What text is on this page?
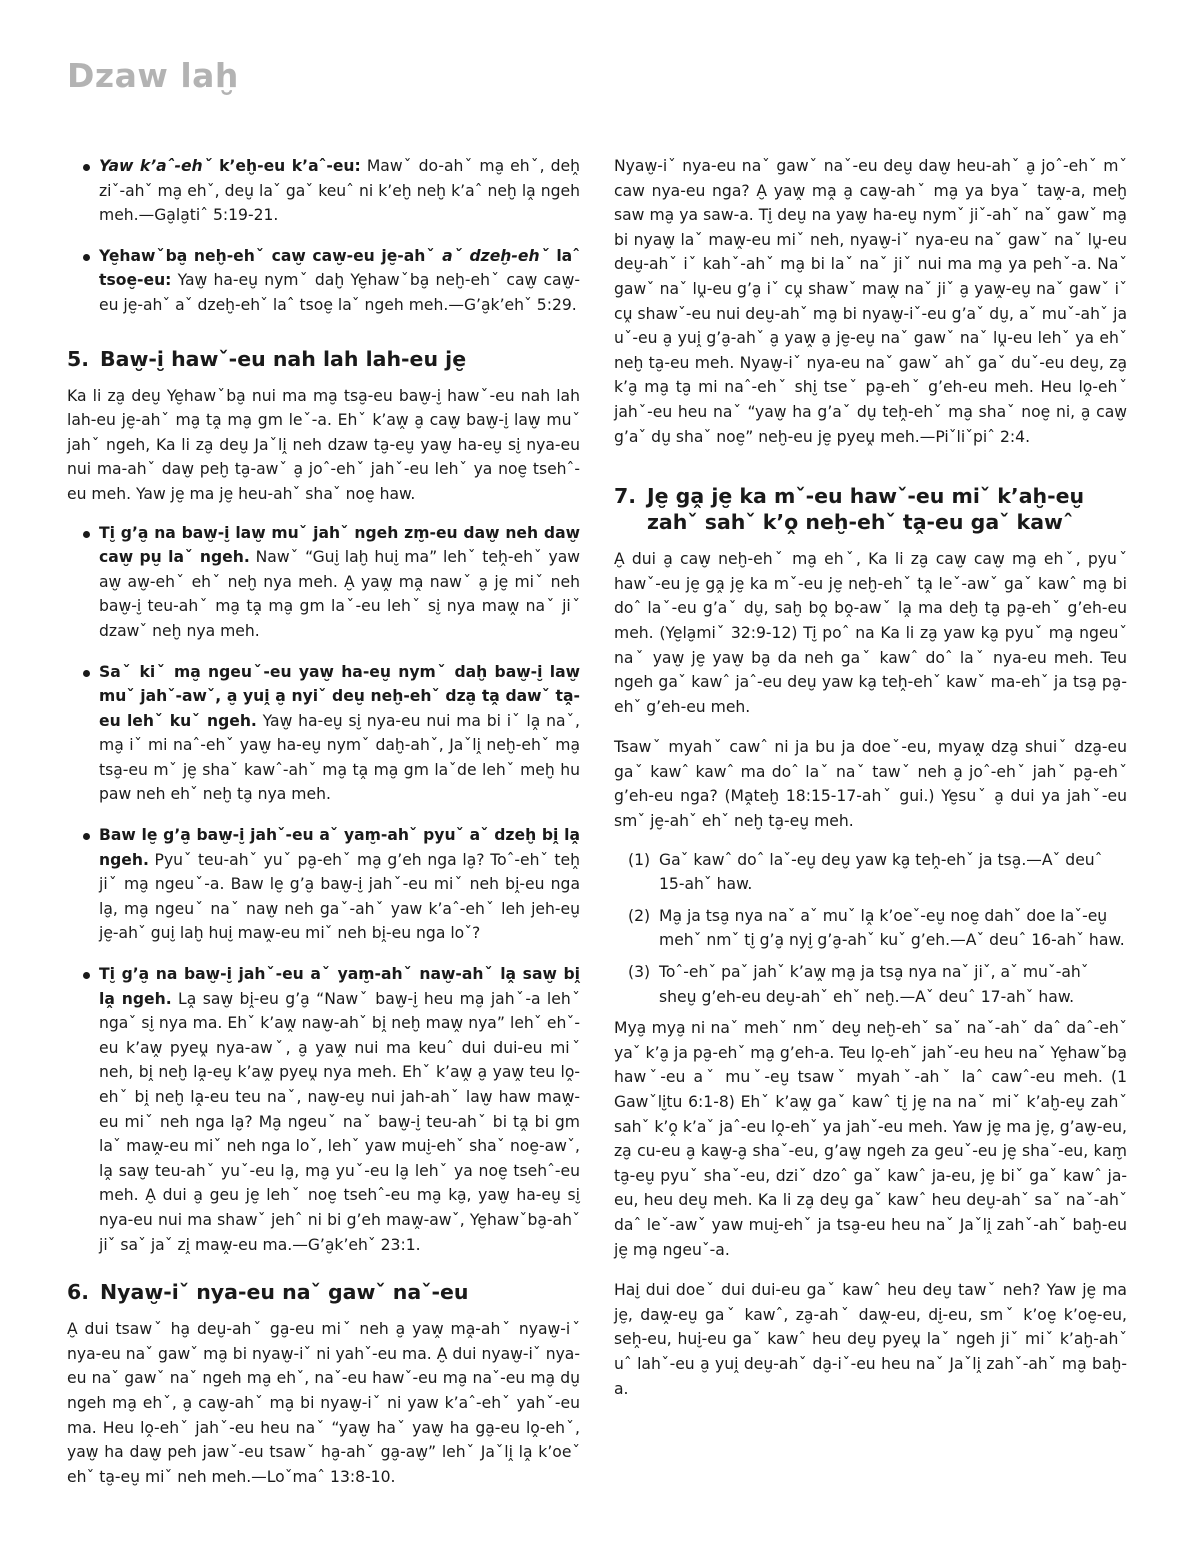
Dzaw laḫ
Yaw k’aˆ-ehˇ k’eḫ-eu k’aˆ-eu: Mawˇ do-ahˇ ma̮ ehˇ, deh̭ ziˇ-ahˇ ma̮ ehˇ, deu̮ laˇ gaˇ keuˆ ni k’eḫ neḫ k’aˆ neḫ la̭ ngeh meh.—Ga̮la̮tiˆ 5:19-21.
Ye̮hawˇba̮ neḫ-ehˇ caw̮ caw̮-eu je̮-ahˇ aˇ dzeḫ-ehˇ laˆ tsoe̮-eu: Yaw̮ ha-eu̮ nymˇ daḫ Ye̮hawˇba̮ neḫ-ehˇ caw̮ caw̮-eu je̮-ahˇ aˇ dzeḫ-ehˇ laˆ tsoe̮ laˇ ngeh meh.—G’a̮k’ehˇ 5:29.
5. Baw̮-i̮ hawˇ-eu nah lah lah-eu je̮

Ka li za̮ deu̮ Ye̮hawˇba̮ nui ma ma̮ tsa̮-eu baw̮-i̮ hawˇ-eu nah lah lah-eu je̮-ahˇ ma̮ ta̭ ma̮ gm leˇ-a. Ehˇ k’aw̭ a̮ caw̮ baw̮-i̮ law̮ muˇ jahˇ ngeh, Ka li za̮ deu̮ Jaˇli̭ neh dzaw ta̮-eu̮ yaw̮ ha-eu̮ si̮ nya-eu nui ma-ahˇ daw̮ peḫ ta̮-awˇ a̮ joˆ-ehˇ jahˇ-eu lehˇ ya noe̮ tsehˆ-eu meh. Yaw je̮ ma je̮ heu-ahˇ shaˇ noe̮ haw.

Ti̮ g’a̮ na baw̮-i̮ law̮ muˇ jahˇ ngeh zm̮-eu daw̮ neh daw̮ caw̮ pu̮ laˇ ngeh. Nawˇ “Gui̮ laḫ hui̮ ma” lehˇ teh̭-ehˇ yaw aw̮ aw̮-ehˇ ehˇ neḫ nya meh. A̮ yaw̭ ma̭ nawˇ a̮ je̮ miˇ neh baw̮-i̮ teu-ahˇ ma̮ ta̭ ma̮ gm laˇ-eu lehˇ si̮ nya maw̭ naˇ jiˇ dzawˇ neḫ nya meh.
Saˇ kiˇ ma̮ ngeuˇ-eu yaw̮ ha-eu̮ nymˇ daḫ baw̮-i̮ law̮ muˇ jahˇ-awˇ, a̮ yui̭ a̮ nyiˇ deu̮ neḫ-ehˇ dza̮ ta̭ dawˇ ta̭-eu lehˇ kuˇ ngeh. Yaw̮ ha-eu̮ si̮ nya-eu nui ma bi iˇ la̭ naˇ, ma̮ iˇ mi naˆ-ehˇ yaw̮ ha-eu̮ nymˇ daḫ-ahˇ, Jaˇli̭ neḫ-ehˇ ma̮ tsa̮-eu mˇ je̮ shaˇ kawˆ-ahˇ ma̮ ta̭ ma̮ gm laˇde lehˇ meḫ hu paw neh ehˇ neḫ ta̮ nya meh.
Baw le̮ g’a̮ baw̮-i̮ jahˇ-eu aˇ yam̮-ahˇ pyuˇ aˇ dzeḫ bi̭ la̭ ngeh. Pyuˇ teu-ahˇ yuˇ pa̮-ehˇ ma̮ g’eh nga la̮? Toˆ-ehˇ teh̭ jiˇ ma̮ ngeuˇ-a. Baw le̮ g’a̮ baw̮-i̮ jahˇ-eu miˇ neh bi̭-eu nga la̮, ma̮ ngeuˇ naˇ naw̮ neh gaˇ-ahˇ yaw k’aˆ-ehˇ leh jeh-eu̮ je̮-ahˇ gui̮ laḫ hui̮ maw̭-eu miˇ neh bi̭-eu nga loˇ?
Ti̮ g’a̮ na baw̮-i̮ jahˇ-eu aˇ yam̮-ahˇ naw̮-ahˇ la̭ saw̮ bi̭ la̭ ngeh. La̭ saw̮ bi̭-eu g’a̮ “Nawˇ baw̮-i̮ heu ma̮ jahˇ-a lehˇ ngaˇ si̮ nya ma. Ehˇ k’aw̭ naw̮-ahˇ bi̭ neḫ maw̭ nya” lehˇ ehˇ-eu k’aw̭ pyeṷ nya-awˇ, a̮ yaw̭ nui ma keuˆ dui dui-eu miˇ neh, bi̭ neḫ la̭-eu̮ k’aw̭ pyeṷ nya meh. Ehˇ k’aw̭ a̮ yaw̭ teu lo̭-ehˇ bi̭ neḫ la̭-eu teu naˇ, naw̮-eu̮ nui jah-ahˇ law̮ haw maw̭-eu miˇ neh nga la̮? Ma̮ ngeuˇ naˇ baw̮-i̮ teu-ahˇ bi ta̭ bi gm laˇ maw̭-eu miˇ neh nga loˇ, lehˇ yaw mui̮-ehˇ shaˇ noe̮-awˇ, la̭ saw̮ teu-ahˇ yuˇ-eu la̮, ma̮ yuˇ-eu la̮ lehˇ ya noe̮ tsehˆ-eu meh. A̮ dui a̮ geu je̮ lehˇ noe̮ tsehˆ-eu ma̮ ka̮, yaw̮ ha-eu̮ si̮ nya-eu nui ma shawˇ jehˆ ni bi g’eh maw̭-awˇ, Ye̮hawˇba̮-ahˇ jiˇ saˇ jaˇ zi̭ maw̭-eu ma.—G’a̮k’ehˇ 23:1.
6. Nyaw̮-iˇ nya-eu naˇ gawˇ naˇ-eu

A̮ dui tsawˇ ha̮ deu̮-ahˇ ga̮-eu miˇ neh a̮ yaw̭ ma̭-ahˇ nyaw̮-iˇ nya-eu naˇ gawˇ ma̮ bi nyaw̮-iˇ ni yahˇ-eu ma. A̮ dui nyaw̮-iˇ nya-eu naˇ gawˇ naˇ ngeh ma̮ ehˇ, naˇ-eu hawˇ-eu ma̮ naˇ-eu ma̮ du̮ ngeh ma̮ ehˇ, a̮ caw̮-ahˇ ma̮ bi nyaw̮-iˇ ni yaw k’aˆ-ehˇ yahˇ-eu ma. Heu lo̭-ehˇ jahˇ-eu heu naˇ “yaw̮ haˇ yaw̮ ha ga̮-eu lo̭-ehˇ, yaw̮ ha daw̮ peh jawˇ-eu tsawˇ ha̮-ahˇ ga̮-aw̮” lehˇ Jaˇli̭ la̭ k’oeˇ ehˇ ta̮-eu̮ miˇ neh meh.—Loˇmaˆ 13:8-10.

Nyaw̮-iˇ nya-eu naˇ gawˇ naˇ-eu deu̮ daw̮ heu-ahˇ a̮ joˆ-ehˇ mˇ caw nya-eu nga? A̮ yaw̭ ma̭ a̮ caw̮-ahˇ ma̮ ya byaˇ taw̭-a, meḫ saw ma̮ ya saw-a. Ti̮ deu̮ na yaw̮ ha-eu̮ nymˇ jiˇ-ahˇ naˇ gawˇ ma̮ bi nyaw̮ laˇ maw̭-eu miˇ neh, nyaw̮-iˇ nya-eu naˇ gawˇ naˇ lṷ-eu deu̮-ahˇ iˇ kahˇ-ahˇ ma̮ bi laˇ naˇ jiˇ nui ma ma̮ ya pehˇ-a. Naˇ gawˇ naˇ lṷ-eu g’a̮ iˇ cṷ shawˇ maw̭ naˇ jiˇ a̮ yaw̭-eu̮ naˇ gawˇ iˇ cṷ shawˇ-eu nui deu̮-ahˇ ma̮ bi nyaw̮-iˇ-eu g’aˇ du̮, aˇ muˇ-ahˇ ja uˇ-eu a̮ yui̭ g’a̮-ahˇ a̮ yaw̭ a̮ je̮-eu̮ naˇ gawˇ naˇ lṷ-eu lehˇ ya ehˇ neḫ ta̮-eu meh. Nyaw̮-iˇ nya-eu naˇ gawˇ ahˇ gaˇ duˇ-eu deu̮, za̮ k’a̮ ma̮ ta̮ mi naˆ-ehˇ shi̮ tseˇ pa̮-ehˇ g’eh-eu meh. Heu lo̭-ehˇ jahˇ-eu heu naˇ “yaw̮ ha g’aˇ du̮ teh̭-ehˇ ma̮ shaˇ noe̮ ni, a̮ caw̮ g’aˇ du̮ shaˇ noe̮” neḫ-eu je̮ pyeṷ meh.—Piˇliˇpiˆ 2:4.

7. Je̮ ga̭ je̮ ka mˇ-eu hawˇ-eu miˇ k’aḫ-eu̮
zahˇ sahˇ k’o̭ neḫ-ehˇ ta̭-eu gaˇ kawˆ

A̮ dui a̮ caw̮ neḫ-ehˇ ma̮ ehˇ, Ka li za̮ caw̮ caw̮ ma̮ ehˇ, pyuˇ hawˇ-eu je̮ ga̭ je̮ ka mˇ-eu je̮ neḫ-ehˇ ta̭ leˇ-awˇ gaˇ kawˆ ma̮ bi doˆ laˇ-eu g’aˇ du̮, saḫ bo̭ bo̭-awˇ la̭ ma deḫ ta̮ pa̮-ehˇ g’eh-eu meh. (Ye̮la̮miˇ 32:9-12) Ti̮ poˆ na Ka li za̮ yaw ka̮ pyuˇ ma̮ ngeuˇ naˇ yaw̮ je̮ yaw̮ ba̮ da neh gaˇ kawˆ doˆ laˇ nya-eu meh. Teu ngeh gaˇ kawˆ jaˆ-eu deu̮ yaw ka̮ teh̭-ehˇ kawˇ ma-ehˇ ja tsa̮ pa̮-ehˇ g’eh-eu meh.

Tsawˇ myahˇ cawˆ ni ja bu ja doeˇ-eu, myaw̭ dza̮ shuiˇ dza̮-eu gaˇ kawˆ kawˆ ma doˆ laˇ naˇ tawˇ neh a̮ joˆ-ehˇ jahˇ pa̮-ehˇ g’eh-eu nga? (Ma̭teḫ 18:15-17-ahˇ gui.) Ye̮suˇ a̮ dui ya jahˇ-eu smˇ je̮-ahˇ ehˇ neḫ ta̮-eu̮ meh.

(1) Gaˇ kawˆ doˆ laˇ-eu̮ deu̮ yaw ka̮ teh̭-ehˇ ja tsa̮.—Aˇ deuˆ 15-ahˇ haw.
(2) Ma̮ ja tsa̮ nya naˇ aˇ muˇ la̭ k’oeˇ-eu̮ noe̮ dahˇ doe laˇ-eu̮ mehˇ nmˇ ti̮ g’a̮ nyi̮ g’a̮-ahˇ kuˇ g’eh.—Aˇ deuˆ 16-ahˇ haw.
(3) Toˆ-ehˇ paˇ jahˇ k’aw̭ ma̮ ja tsa̮ nya naˇ jiˇ, aˇ muˇ-ahˇ sheu̮ g’eh-eu deu̮-ahˇ ehˇ neḫ.—Aˇ deuˆ 17-ahˇ haw.

Mya̮ mya̮ ni naˇ mehˇ nmˇ deu̮ neḫ-ehˇ saˇ naˇ-ahˇ daˆ daˆ-ehˇ yaˇ k’a̮ ja pa̮-ehˇ ma̮ g’eh-a. Teu lo̭-ehˇ jahˇ-eu heu naˇ Ye̮hawˇba̮ hawˇ-eu aˇ muˇ-eu̮ tsawˇ myahˇ-ahˇ laˆ cawˆ-eu meh. (1 Gawˇli̮tu 6:1-8) Ehˇ k’aw̭ gaˇ kawˆ ti̮ je̮ na naˇ miˇ k’aḫ-eu̮ zahˇ sahˇ k’o̭ k’aˇ jaˆ-eu lo̭-ehˇ ya jahˇ-eu meh. Yaw je̮ ma je̮, g’aw̮-eu, za̮ cu-eu a̮ kaw̮-a̮ shaˇ-eu, g’aw̮ ngeh za geuˇ-eu je̮ shaˇ-eu, kam̮ ta̮-eu̮ pyuˇ shaˇ-eu, dziˇ dzoˆ gaˇ kawˆ ja-eu, je̮ biˇ gaˇ kawˆ ja-eu, heu deu̮ meh. Ka li za̮ deu̮ gaˇ kawˆ heu deu̮-ahˇ saˇ naˇ-ahˇ daˆ leˇ-awˇ yaw mui̮-ehˇ ja tsa̮-eu heu naˇ Jaˇli̭ zahˇ-ahˇ baḫ-eu je̮ ma̮ ngeuˇ-a.

Hai̮ dui doeˇ dui dui-eu gaˇ kawˆ heu deu̮ tawˇ neh? Yaw je̮ ma je̮, daw̭-eu̮ gaˇ kawˆ, za̮-ahˇ daw̭-eu, di̮-eu, smˇ k’oe̮ k’oe̮-eu, seh̭-eu, hui̮-eu gaˇ kawˆ heu deu̮ pyeṷ laˇ ngeh jiˇ miˇ k’aḫ-ahˇ uˆ lahˇ-eu a̮ yui̭ deu̮-ahˇ da̮-iˇ-eu heu naˇ Jaˇli̭ zahˇ-ahˇ ma̮ baḫ-a.
